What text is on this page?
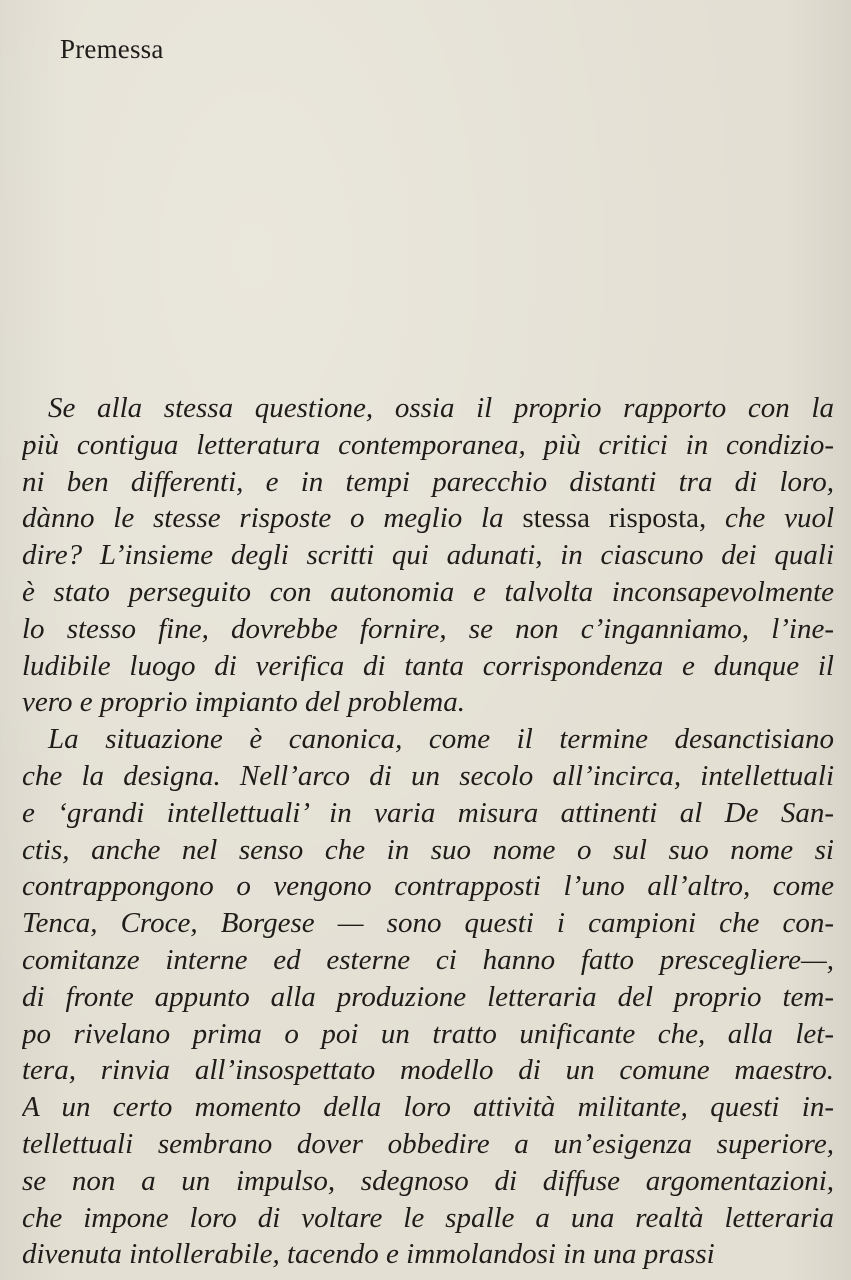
Premessa
Se alla stessa questione, ossia il proprio rapporto con la
più contigua letteratura contemporanea, più critici in condizio-
ni ben differenti, e in tempi parecchio distanti tra di loro,
dànno le stesse risposte o meglio la stessa risposta, che vuol
dire? L’insieme degli scritti qui adunati, in ciascuno dei quali
è stato perseguito con autonomia e talvolta inconsapevolmente
lo stesso fine, dovrebbe fornire, se non c’inganniamo, l’ine-
ludibile luogo di verifica di tanta corrispondenza e dunque il
vero e proprio impianto del problema.
La situazione è canonica, come il termine desanctisiano
che la designa. Nell’arco di un secolo all’incirca, intellettuali
e ‘grandi intellettuali’ in varia misura attinenti al De San-
ctis, anche nel senso che in suo nome o sul suo nome si
contrappongono o vengono contrapposti l’uno all’altro, come
Tenca, Croce, Borgese — sono questi i campioni che con-
comitanze interne ed esterne ci hanno fatto prescegliere—,
di fronte appunto alla produzione letteraria del proprio tem-
po rivelano prima o poi un tratto unificante che, alla let-
tera, rinvia all’insospettato modello di un comune maestro.
A un certo momento della loro attività militante, questi in-
tellettuali sembrano dover obbedire a un’esigenza superiore,
se non a un impulso, sdegnoso di diffuse argomentazioni,
che impone loro di voltare le spalle a una realtà letteraria
divenuta intollerabile, tacendo e immolandosi in una prassi
